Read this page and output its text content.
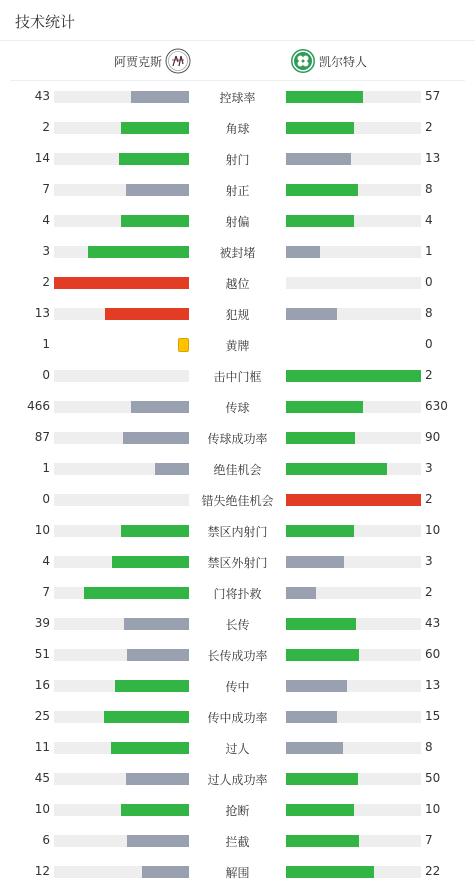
技术统计
阿贾克斯	凯尔特人
43	控球率	57
2	角球	2
14	射门	13
7	射正	8
4	射偏	4
3	被封堵	1
2	越位	0
13	犯规	8
1	黄牌	0
0	击中门框	2
466	传球	630
87	传球成功率	90
1	绝佳机会	3
0	错失绝佳机会	2
10	禁区内射门	10
4	禁区外射门	3
7	门将扑救	2
39	长传	43
51	长传成功率	60
16	传中	13
25	传中成功率	15
11	过人	8
45	过人成功率	50
10	抢断	10
6	拦截	7
12	解围	22
